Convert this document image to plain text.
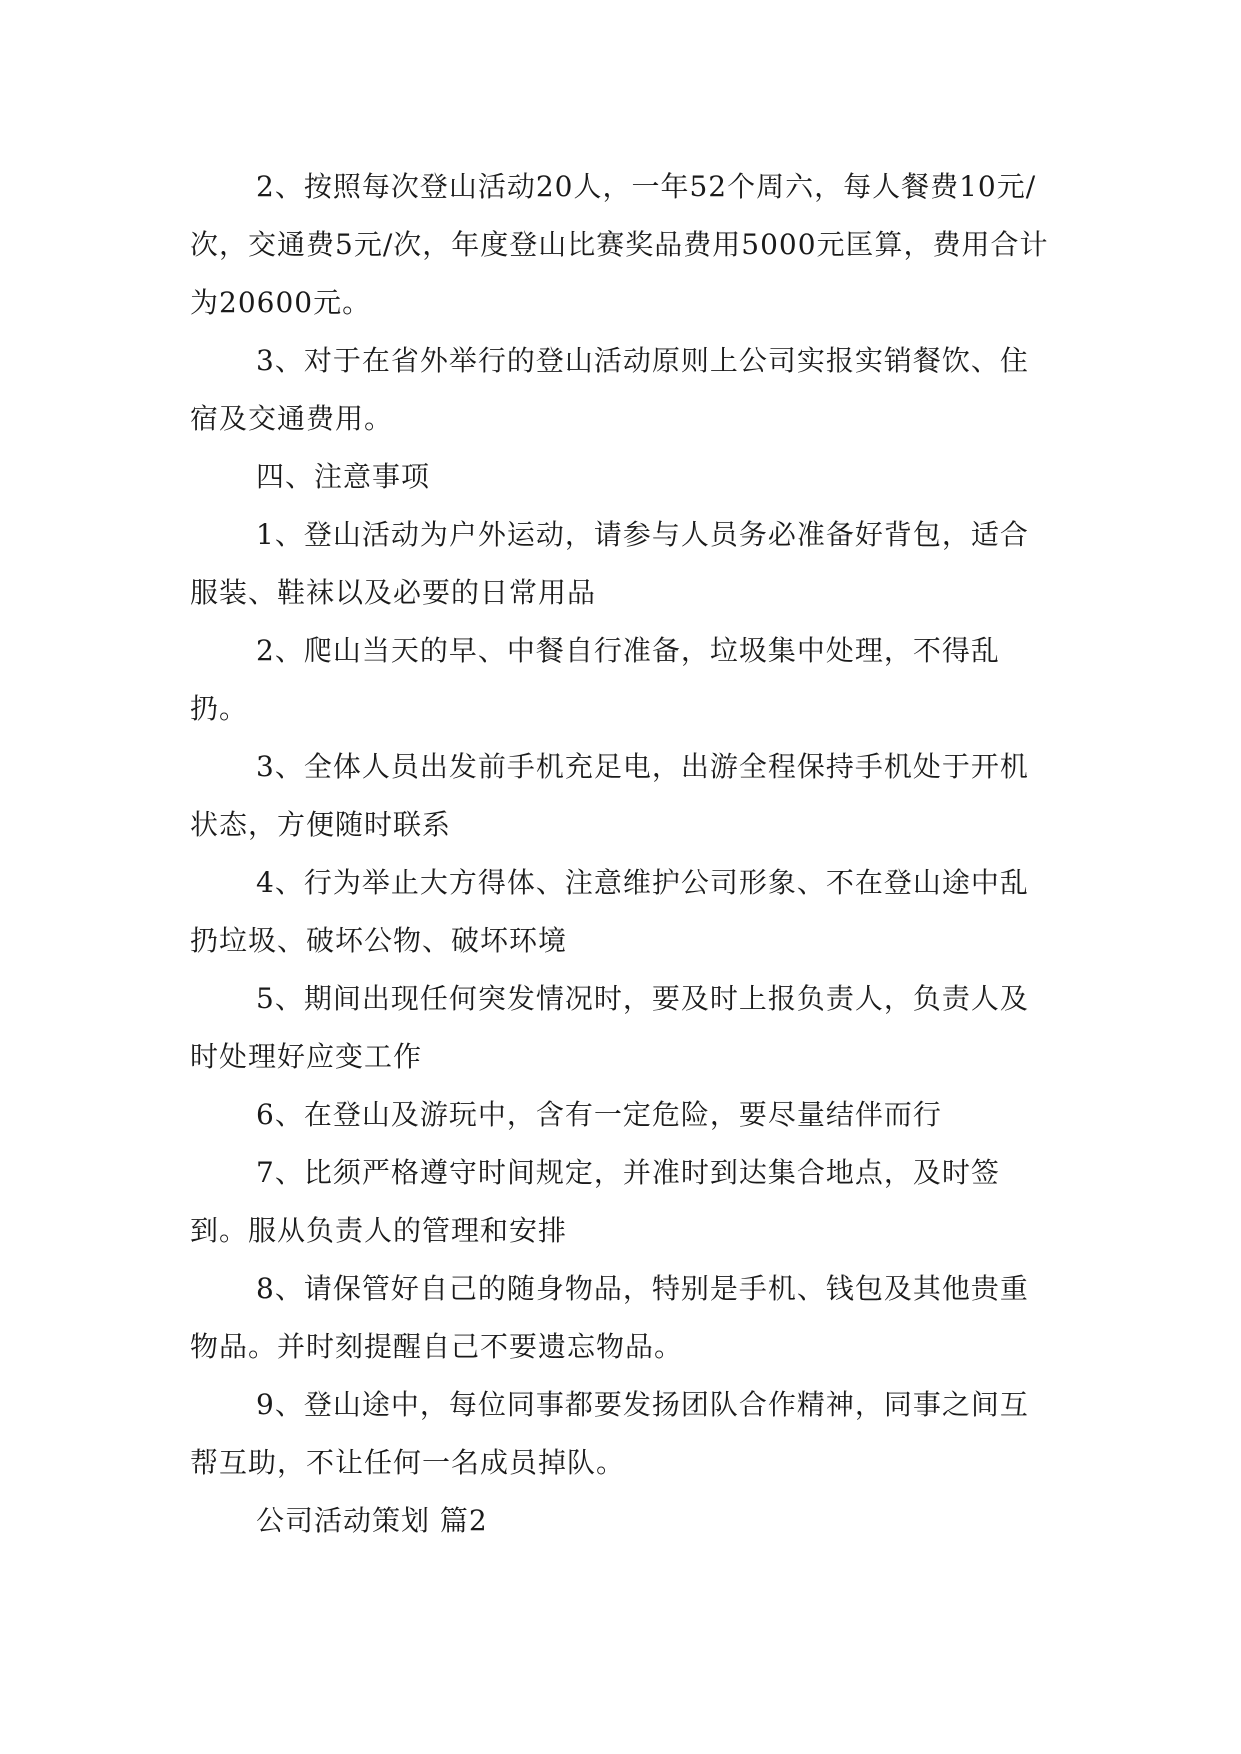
2、按照每次登山活动20人，一年52个周六，每人餐费10元/次，交通费5元/次，年度登山比赛奖品费用5000元匡算，费用合计为20600元。

3、对于在省外举行的登山活动原则上公司实报实销餐饮、住宿及交通费用。

四、注意事项

1、登山活动为户外运动，请参与人员务必准备好背包，适合服装、鞋袜以及必要的日常用品

2、爬山当天的早、中餐自行准备，垃圾集中处理，不得乱扔。

3、全体人员出发前手机充足电，出游全程保持手机处于开机状态，方便随时联系

4、行为举止大方得体、注意维护公司形象、不在登山途中乱扔垃圾、破坏公物、破坏环境

5、期间出现任何突发情况时，要及时上报负责人，负责人及时处理好应变工作

6、在登山及游玩中，含有一定危险，要尽量结伴而行

7、比须严格遵守时间规定，并准时到达集合地点，及时签到。服从负责人的管理和安排

8、请保管好自己的随身物品，特别是手机、钱包及其他贵重物品。并时刻提醒自己不要遗忘物品。

9、登山途中，每位同事都要发扬团队合作精神，同事之间互帮互助，不让任何一名成员掉队。

公司活动策划 篇2
